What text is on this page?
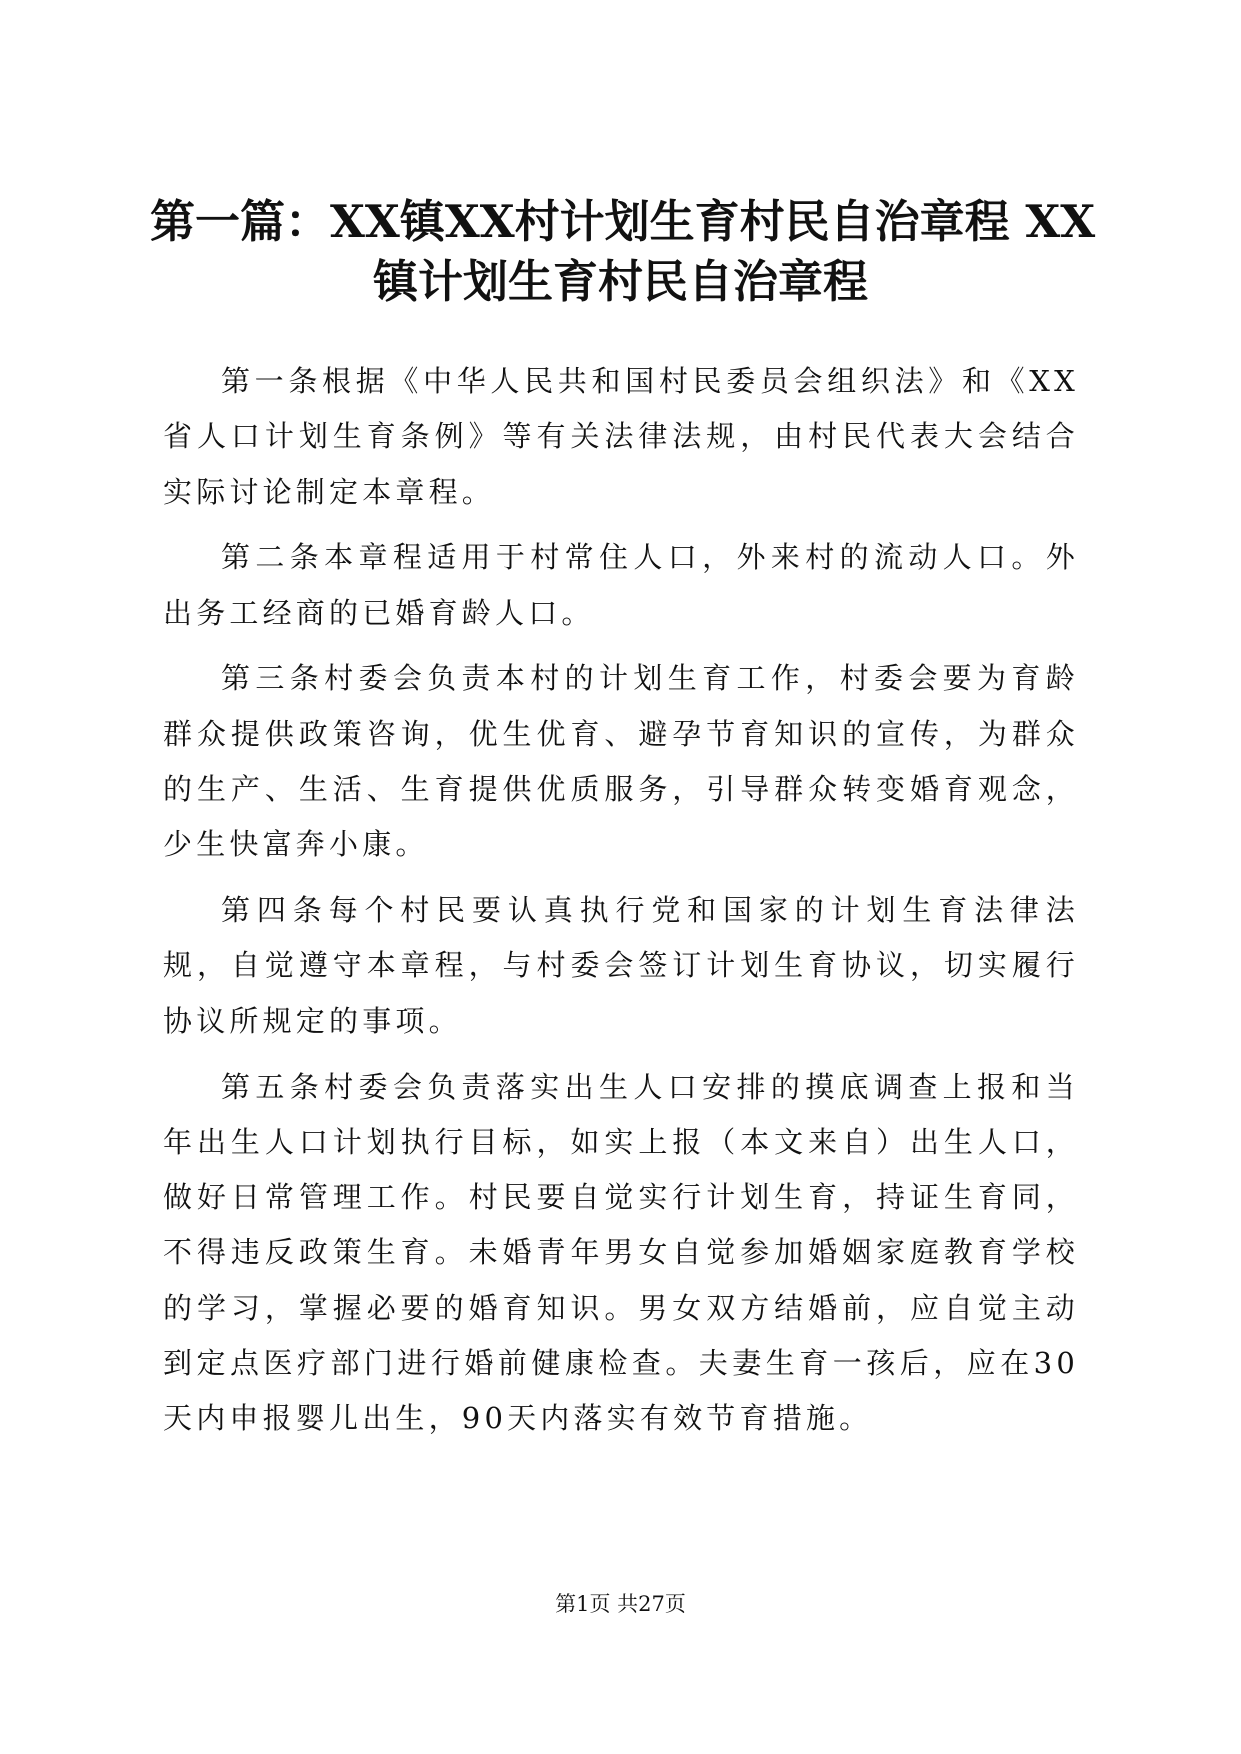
第一篇：XX镇XX村计划生育村民自治章程 XX
镇计划生育村民自治章程

第一条根据《中华人民共和国村民委员会组织法》和《XX省人口计划生育条例》等有关法律法规，由村民代表大会结合实际讨论制定本章程。

第二条本章程适用于村常住人口，外来村的流动人口。外出务工经商的已婚育龄人口。

第三条村委会负责本村的计划生育工作，村委会要为育龄群众提供政策咨询，优生优育、避孕节育知识的宣传，为群众的生产、生活、生育提供优质服务，引导群众转变婚育观念，少生快富奔小康。

第四条每个村民要认真执行党和国家的计划生育法律法规，自觉遵守本章程，与村委会签订计划生育协议，切实履行协议所规定的事项。

第五条村委会负责落实出生人口安排的摸底调查上报和当年出生人口计划执行目标，如实上报（本文来自）出生人口，做好日常管理工作。村民要自觉实行计划生育，持证生育同，不得违反政策生育。未婚青年男女自觉参加婚姻家庭教育学校的学习，掌握必要的婚育知识。男女双方结婚前，应自觉主动到定点医疗部门进行婚前健康检查。夫妻生育一孩后，应在30天内申报婴儿出生，90天内落实有效节育措施。

第1页 共27页
